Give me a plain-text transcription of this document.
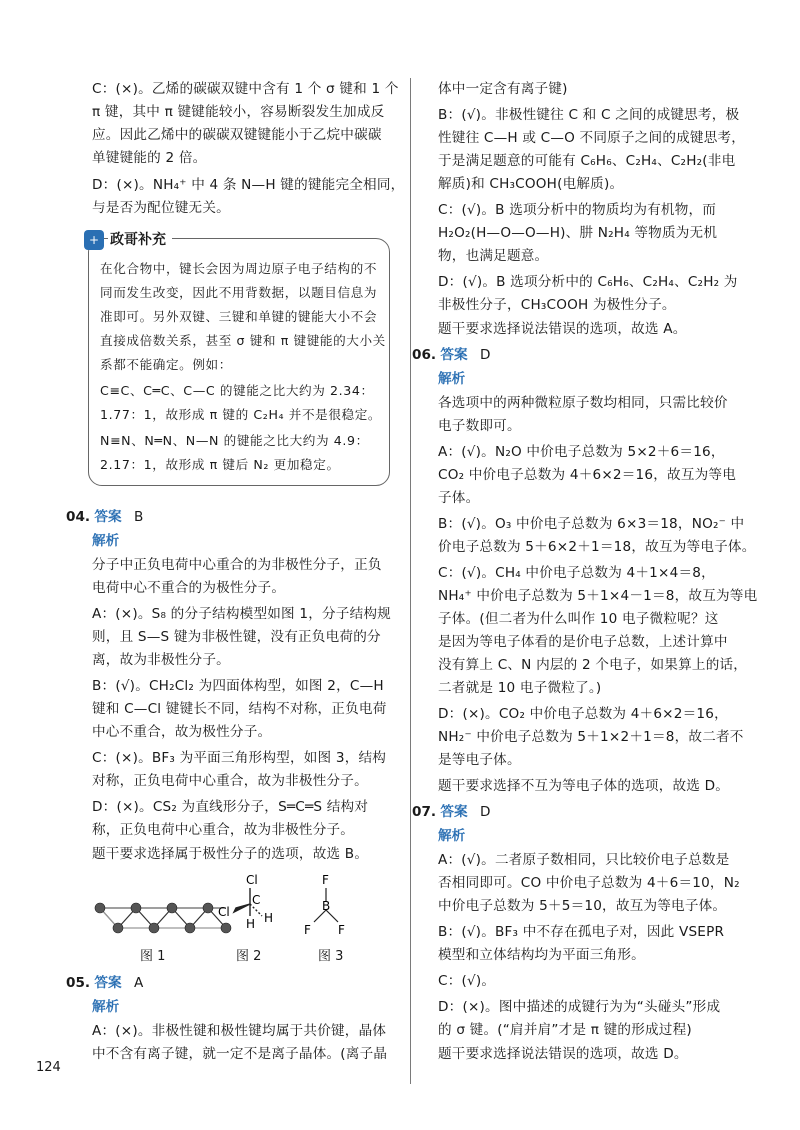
C：(×)。乙烯的碳碳双键中含有 1 个 σ 键和 1 个
π 键，其中 π 键键能较小，容易断裂发生加成反
应。因此乙烯中的碳碳双键键能小于乙烷中碳碳
单键键能的 2 倍。
D：(×)。NH₄⁺ 中 4 条 N—H 键的键能完全相同，
与是否为配位键无关。
+ 政哥补充
在化合物中，键长会因为周边原子电子结构的不
同而发生改变，因此不用背数据，以题目信息为
准即可。另外双键、三键和单键的键能大小不会
直接成倍数关系，甚至 σ 键和 π 键键能的大小关
系都不能确定。例如：
C≡C、C═C、C—C 的键能之比大约为 2.34：
1.77：1，故形成 π 键的 C₂H₄ 并不是很稳定。
N≡N、N═N、N—N 的键能之比大约为 4.9：
2.17：1，故形成 π 键后 N₂ 更加稳定。
04. 答案 B
解析
分子中正负电荷中心重合的为非极性分子，正负
电荷中心不重合的为极性分子。
A：(×)。S₈ 的分子结构模型如图 1，分子结构规
则，且 S—S 键为非极性键，没有正负电荷的分
离，故为非极性分子。
B：(√)。CH₂Cl₂ 为四面体构型，如图 2，C—H
键和 C—Cl 键键长不同，结构不对称，正负电荷
中心不重合，故为极性分子。
C：(×)。BF₃ 为平面三角形构型，如图 3，结构
对称，正负电荷中心重合，故为非极性分子。
D：(×)。CS₂ 为直线形分子，S═C═S 结构对
称，正负电荷中心重合，故为非极性分子。
题干要求选择属于极性分子的选项，故选 B。
Cl
Cl
C
H
H
F
B
F F
图 1	图 2	图 3
05. 答案 A
解析
A：(×)。非极性键和极性键均属于共价键，晶体
中不含有离子键，就一定不是离子晶体。(离子晶
体中一定含有离子键)
B：(√)。非极性键往 C 和 C 之间的成键思考，极
性键往 C—H 或 C—O 不同原子之间的成键思考，
于是满足题意的可能有 C₆H₆、C₂H₄、C₂H₂(非电
解质)和 CH₃COOH(电解质)。
C：(√)。B 选项分析中的物质均为有机物，而
H₂O₂(H—O—O—H)、肼 N₂H₄ 等物质为无机
物，也满足题意。
D：(√)。B 选项分析中的 C₆H₆、C₂H₄、C₂H₂ 为
非极性分子，CH₃COOH 为极性分子。
题干要求选择说法错误的选项，故选 A。
06. 答案 D
解析
各选项中的两种微粒原子数均相同，只需比较价
电子数即可。
A：(√)。N₂O 中价电子总数为 5×2＋6＝16，
CO₂ 中价电子总数为 4＋6×2＝16，故互为等电
子体。
B：(√)。O₃ 中价电子总数为 6×3＝18，NO₂⁻ 中
价电子总数为 5＋6×2＋1＝18，故互为等电子体。
C：(√)。CH₄ 中价电子总数为 4＋1×4＝8，
NH₄⁺ 中价电子总数为 5＋1×4－1＝8，故互为等电
子体。(但二者为什么叫作 10 电子微粒呢？这
是因为等电子体看的是价电子总数，上述计算中
没有算上 C、N 内层的 2 个电子，如果算上的话，
二者就是 10 电子微粒了。)
D：(×)。CO₂ 中价电子总数为 4＋6×2＝16，
NH₂⁻ 中价电子总数为 5＋1×2＋1＝8，故二者不
是等电子体。
题干要求选择不互为等电子体的选项，故选 D。
07. 答案 D
解析
A：(√)。二者原子数相同，只比较价电子总数是
否相同即可。CO 中价电子总数为 4＋6＝10，N₂
中价电子总数为 5＋5＝10，故互为等电子体。
B：(√)。BF₃ 中不存在孤电子对，因此 VSEPR
模型和立体结构均为平面三角形。
C：(√)。
D：(×)。图中描述的成键行为为“头碰头”形成
的 σ 键。(“肩并肩”才是 π 键的形成过程)
题干要求选择说法错误的选项，故选 D。
124
